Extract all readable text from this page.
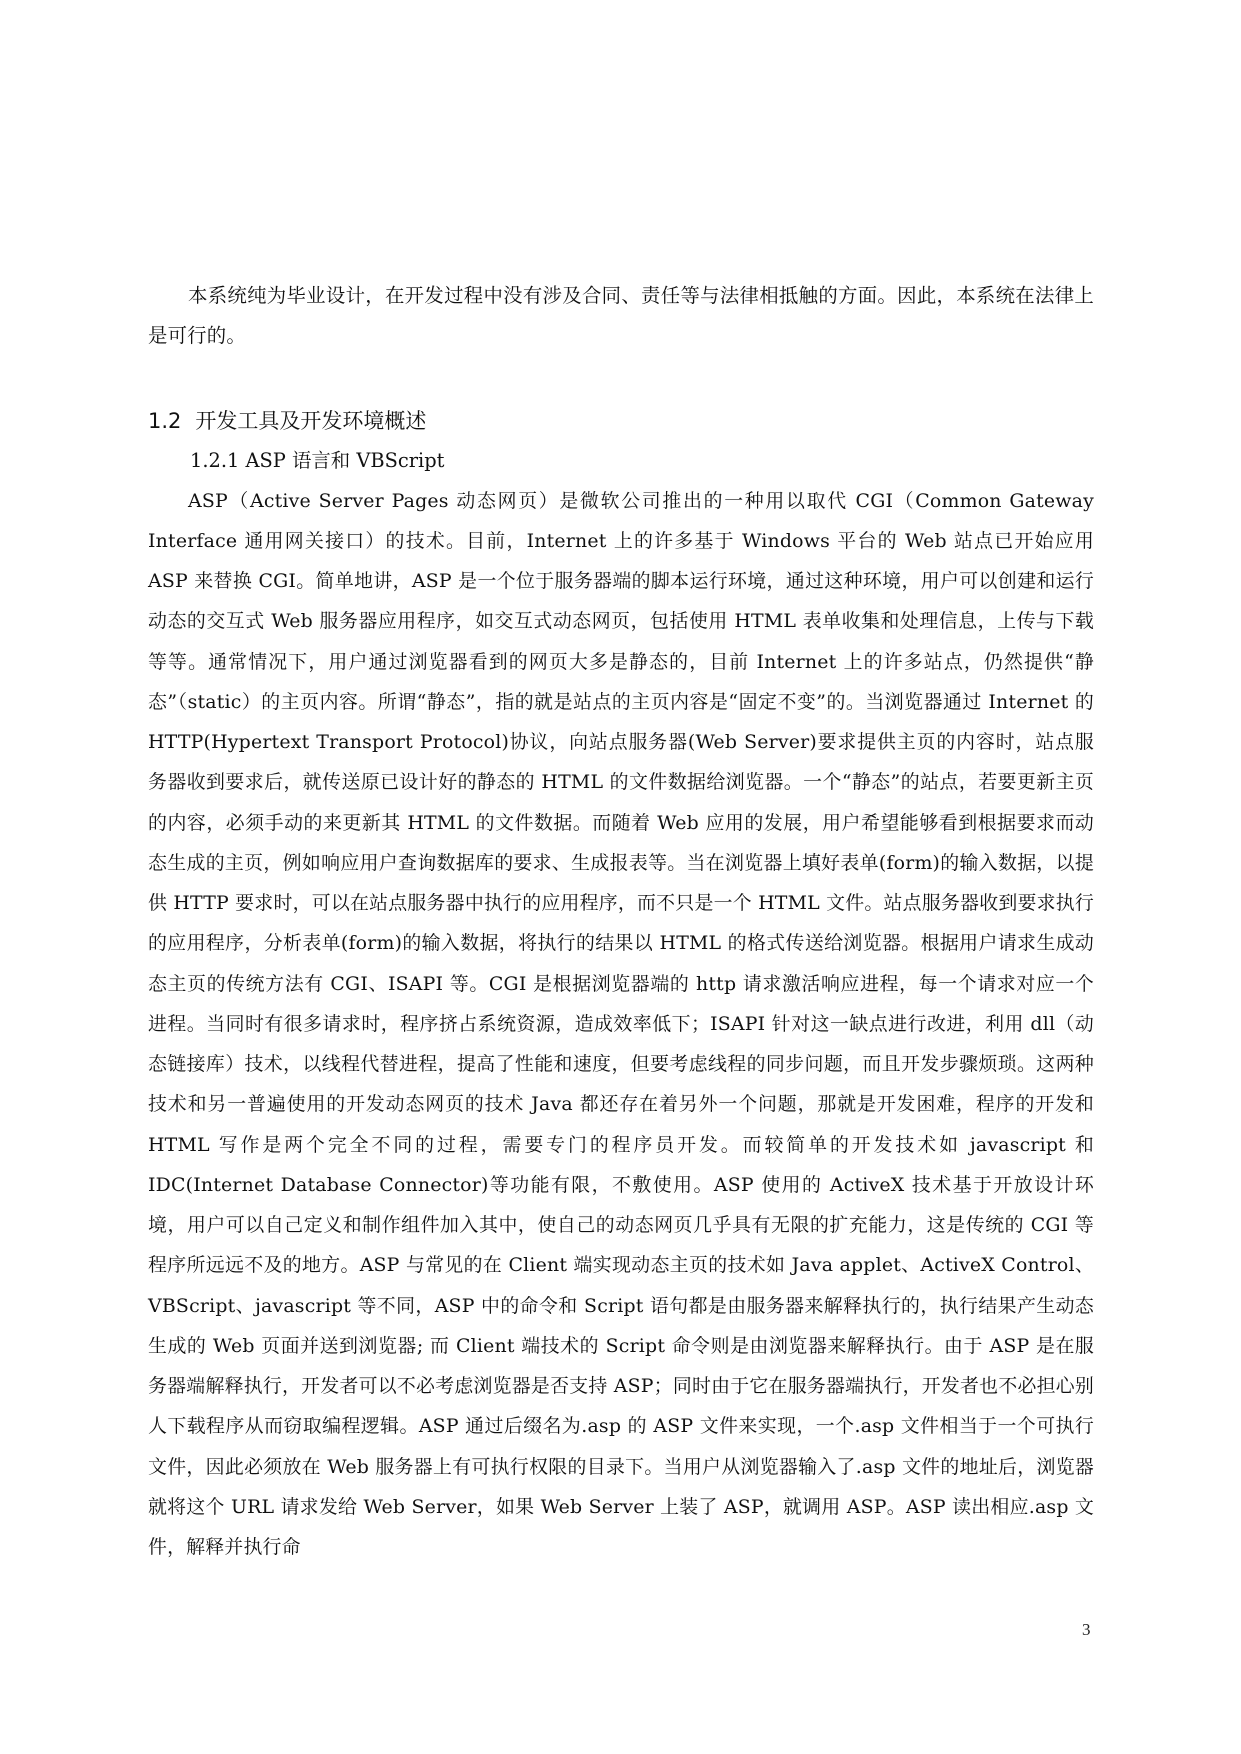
本系统纯为毕业设计，在开发过程中没有涉及合同、责任等与法律相抵触的方面。因此，本系统在法律上是可行的。

1.2 开发工具及开发环境概述
1.2.1 ASP 语言和 VBScript

ASP（Active Server Pages 动态网页）是微软公司推出的一种用以取代 CGI（Common Gateway Interface 通用网关接口）的技术。目前，Internet 上的许多基于 Windows 平台的 Web 站点已开始应用 ASP 来替换 CGI。简单地讲，ASP 是一个位于服务器端的脚本运行环境，通过这种环境，用户可以创建和运行动态的交互式 Web 服务器应用程序，如交互式动态网页，包括使用 HTML 表单收集和处理信息，上传与下载等等。通常情况下，用户通过浏览器看到的网页大多是静态的，目前 Internet 上的许多站点，仍然提供“静态”（static）的主页内容。所谓“静态”，指的就是站点的主页内容是“固定不变”的。当浏览器通过 Internet 的 HTTP(Hypertext Transport Protocol)协议，向站点服务器(Web Server)要求提供主页的内容时，站点服务器收到要求后，就传送原已设计好的静态的 HTML 的文件数据给浏览器。一个“静态”的站点，若要更新主页的内容，必须手动的来更新其 HTML 的文件数据。而随着 Web 应用的发展，用户希望能够看到根据要求而动态生成的主页，例如响应用户查询数据库的要求、生成报表等。当在浏览器上填好表单(form)的输入数据，以提供 HTTP 要求时，可以在站点服务器中执行的应用程序，而不只是一个 HTML 文件。站点服务器收到要求执行的应用程序，分析表单(form)的输入数据，将执行的结果以 HTML 的格式传送给浏览器。根据用户请求生成动态主页的传统方法有 CGI、ISAPI 等。CGI 是根据浏览器端的 http 请求激活响应进程，每一个请求对应一个进程。当同时有很多请求时，程序挤占系统资源，造成效率低下；ISAPI 针对这一缺点进行改进，利用 dll（动态链接库）技术，以线程代替进程，提高了性能和速度，但要考虑线程的同步问题，而且开发步骤烦琐。这两种技术和另一普遍使用的开发动态网页的技术 Java 都还存在着另外一个问题，那就是开发困难，程序的开发和 HTML 写作是两个完全不同的过程，需要专门的程序员开发。而较简单的开发技术如 javascript 和 IDC(Internet Database Connector)等功能有限，不敷使用。ASP 使用的 ActiveX 技术基于开放设计环境，用户可以自己定义和制作组件加入其中，使自己的动态网页几乎具有无限的扩充能力，这是传统的 CGI 等程序所远远不及的地方。ASP 与常见的在 Client 端实现动态主页的技术如 Java applet、ActiveX Control、VBScript、javascript 等不同，ASP 中的命令和 Script 语句都是由服务器来解释执行的，执行结果产生动态生成的 Web 页面并送到浏览器; 而 Client 端技术的 Script 命令则是由浏览器来解释执行。由于 ASP 是在服务器端解释执行，开发者可以不必考虑浏览器是否支持 ASP；同时由于它在服务器端执行，开发者也不必担心别人下载程序从而窃取编程逻辑。ASP 通过后缀名为.asp 的 ASP 文件来实现，一个.asp 文件相当于一个可执行文件，因此必须放在 Web 服务器上有可执行权限的目录下。当用户从浏览器输入了.asp 文件的地址后，浏览器就将这个 URL 请求发给 Web Server，如果 Web Server 上装了 ASP，就调用 ASP。ASP 读出相应.asp 文件，解释并执行命

3
